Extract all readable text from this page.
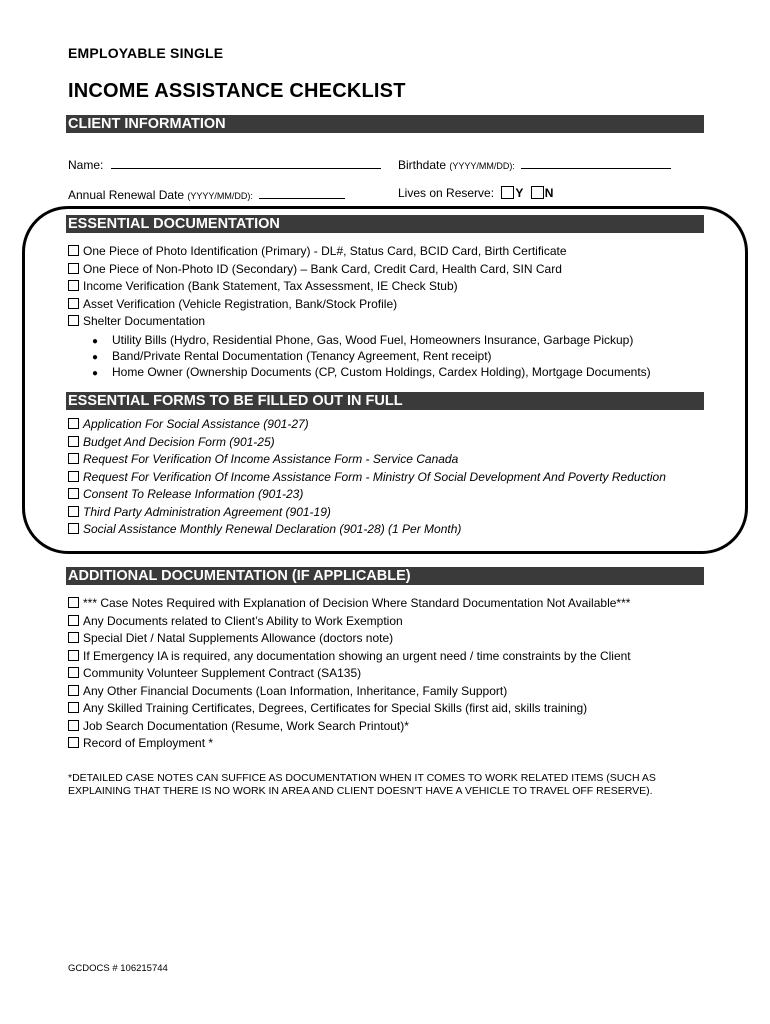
EMPLOYABLE SINGLE
INCOME ASSISTANCE CHECKLIST
CLIENT INFORMATION
Name:	Birthdate (YYYY/MM/DD):
Annual Renewal Date (YYYY/MM/DD):	Lives on Reserve: Y N
ESSENTIAL DOCUMENTATION
One Piece of Photo Identification (Primary) - DL#, Status Card, BCID Card, Birth Certificate
One Piece of Non-Photo ID (Secondary) – Bank Card, Credit Card, Health Card, SIN Card
Income Verification (Bank Statement, Tax Assessment, IE Check Stub)
Asset Verification (Vehicle Registration, Bank/Stock Profile)
Shelter Documentation
● Utility Bills (Hydro, Residential Phone, Gas, Wood Fuel, Homeowners Insurance, Garbage Pickup)
● Band/Private Rental Documentation (Tenancy Agreement, Rent receipt)
● Home Owner (Ownership Documents (CP, Custom Holdings, Cardex Holding), Mortgage Documents)
ESSENTIAL FORMS TO BE FILLED OUT IN FULL
Application For Social Assistance (901-27)
Budget And Decision Form (901-25)
Request For Verification Of Income Assistance Form - Service Canada
Request For Verification Of Income Assistance Form - Ministry Of Social Development And Poverty Reduction
Consent To Release Information (901-23)
Third Party Administration Agreement (901-19)
Social Assistance Monthly Renewal Declaration (901-28) (1 Per Month)
ADDITIONAL DOCUMENTATION (IF APPLICABLE)
*** Case Notes Required with Explanation of Decision Where Standard Documentation Not Available***
Any Documents related to Client’s Ability to Work Exemption
Special Diet / Natal Supplements Allowance (doctors note)
If Emergency IA is required, any documentation showing an urgent need / time constraints by the Client
Community Volunteer Supplement Contract (SA135)
Any Other Financial Documents (Loan Information, Inheritance, Family Support)
Any Skilled Training Certificates, Degrees, Certificates for Special Skills (first aid, skills training)
Job Search Documentation (Resume, Work Search Printout)*
Record of Employment *
*DETAILED CASE NOTES CAN SUFFICE AS DOCUMENTATION WHEN IT COMES TO WORK RELATED ITEMS (SUCH AS EXPLAINING THAT THERE IS NO WORK IN AREA AND CLIENT DOESN'T HAVE A VEHICLE TO TRAVEL OFF RESERVE).
GCDOCS # 106215744
